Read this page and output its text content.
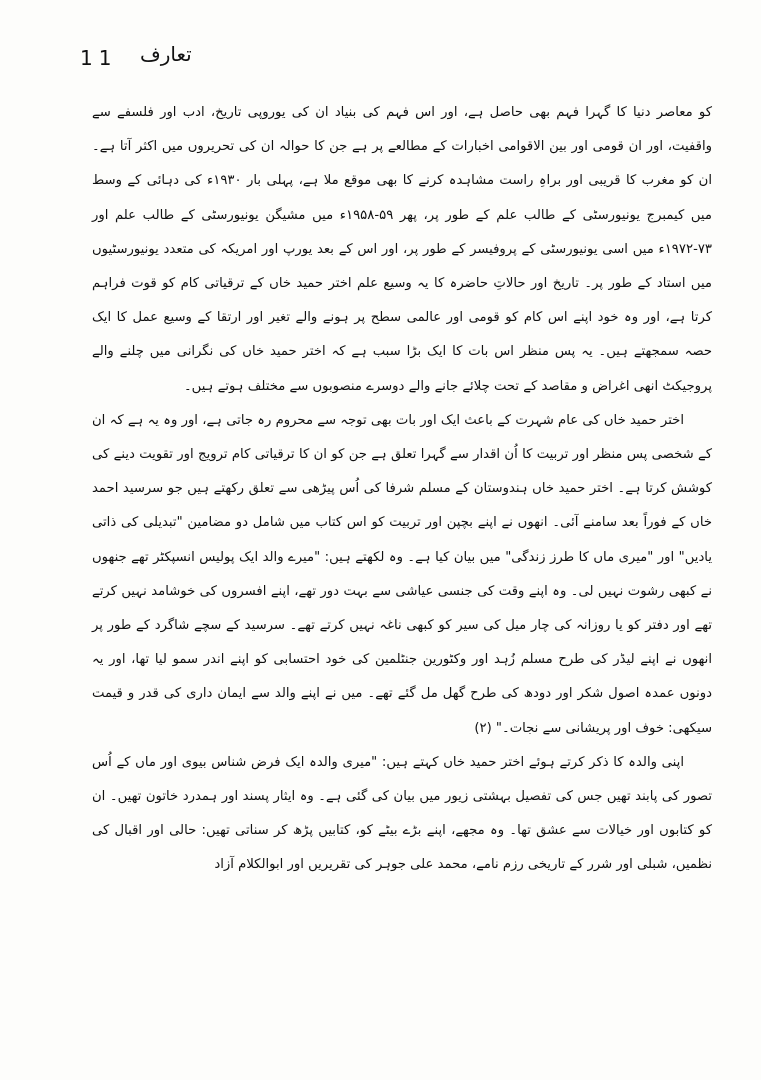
11 تعارف

کو معاصر دنیا کا گہرا فہم بھی حاصل ہے، اور اس فہم کی بنیاد ان کی یوروپی تاریخ، ادب اور فلسفے سے واقفیت، اور ان قومی اور بین الاقوامی اخبارات کے مطالعے پر ہے جن کا حوالہ ان کی تحریروں میں اکثر آتا ہے۔ ان کو مغرب کا قریبی اور براہِ راست مشاہدہ کرنے کا بھی موقع ملا ہے، پہلی بار ۱۹۳۰ء کی دہائی کے وسط میں کیمبرج یونیورسٹی کے طالب علم کے طور پر، پھر ۵۹-۱۹۵۸ء میں مشیگن یونیورسٹی کے طالب علم اور ۷۳-۱۹۷۲ء میں اسی یونیورسٹی کے پروفیسر کے طور پر، اور اس کے بعد یورپ اور امریکہ کی متعدد یونیورسٹیوں میں استاد کے طور پر۔ تاریخ اور حالاتِ حاضرہ کا یہ وسیع علم اختر حمید خاں کے ترقیاتی کام کو قوت فراہم کرتا ہے، اور وہ خود اپنے اس کام کو قومی اور عالمی سطح پر ہونے والے تغیر اور ارتقا کے وسیع عمل کا ایک حصہ سمجھتے ہیں۔ یہ پس منظر اس بات کا ایک بڑا سبب ہے کہ اختر حمید خاں کی نگرانی میں چلنے والے پروجیکٹ انھی اغراض و مقاصد کے تحت چلائے جانے والے دوسرے منصوبوں سے مختلف ہوتے ہیں۔

اختر حمید خاں کی عام شہرت کے باعث ایک اور بات بھی توجہ سے محروم رہ جاتی ہے، اور وہ یہ ہے کہ ان کے شخصی پس منظر اور تربیت کا اُن اقدار سے گہرا تعلق ہے جن کو ان کا ترقیاتی کام ترویج اور تقویت دینے کی کوشش کرتا ہے۔ اختر حمید خاں ہندوستان کے مسلم شرفا کی اُس پیڑھی سے تعلق رکھتے ہیں جو سرسید احمد خاں کے فوراً بعد سامنے آئی۔ انھوں نے اپنے بچپن اور تربیت کو اس کتاب میں شامل دو مضامین "تبدیلی کی ذاتی یادیں" اور "میری ماں کا طرز زندگی" میں بیان کیا ہے۔ وہ لکھتے ہیں: "میرے والد ایک پولیس انسپکٹر تھے جنھوں نے کبھی رشوت نہیں لی۔ وہ اپنے وقت کی جنسی عیاشی سے بہت دور تھے، اپنے افسروں کی خوشامد نہیں کرتے تھے اور دفتر کو یا روزانہ کی چار میل کی سیر کو کبھی ناغہ نہیں کرتے تھے۔ سرسید کے سچے شاگرد کے طور پر انھوں نے اپنے لیڈر کی طرح مسلم زُہد اور وکٹورین جنٹلمین کی خود احتسابی کو اپنے اندر سمو لیا تھا، اور یہ دونوں عمدہ اصول شکر اور دودھ کی طرح گھل مل گئے تھے۔ میں نے اپنے والد سے ایمان داری کی قدر و قیمت سیکھی: خوف اور پریشانی سے نجات۔" (۲)

اپنی والدہ کا ذکر کرتے ہوئے اختر حمید خاں کہتے ہیں: "میری والدہ ایک فرض شناس بیوی اور ماں کے اُس تصور کی پابند تھیں جس کی تفصیل بہشتی زیور میں بیان کی گئی ہے۔ وہ ایثار پسند اور ہمدرد خاتون تھیں۔ ان کو کتابوں اور خیالات سے عشق تھا۔ وہ مجھے، اپنے بڑے بیٹے کو، کتابیں پڑھ کر سناتی تھیں: حالی اور اقبال کی نظمیں، شبلی اور شرر کے تاریخی رزم نامے، محمد علی جوہر کی تقریریں اور ابوالکلام آزاد
